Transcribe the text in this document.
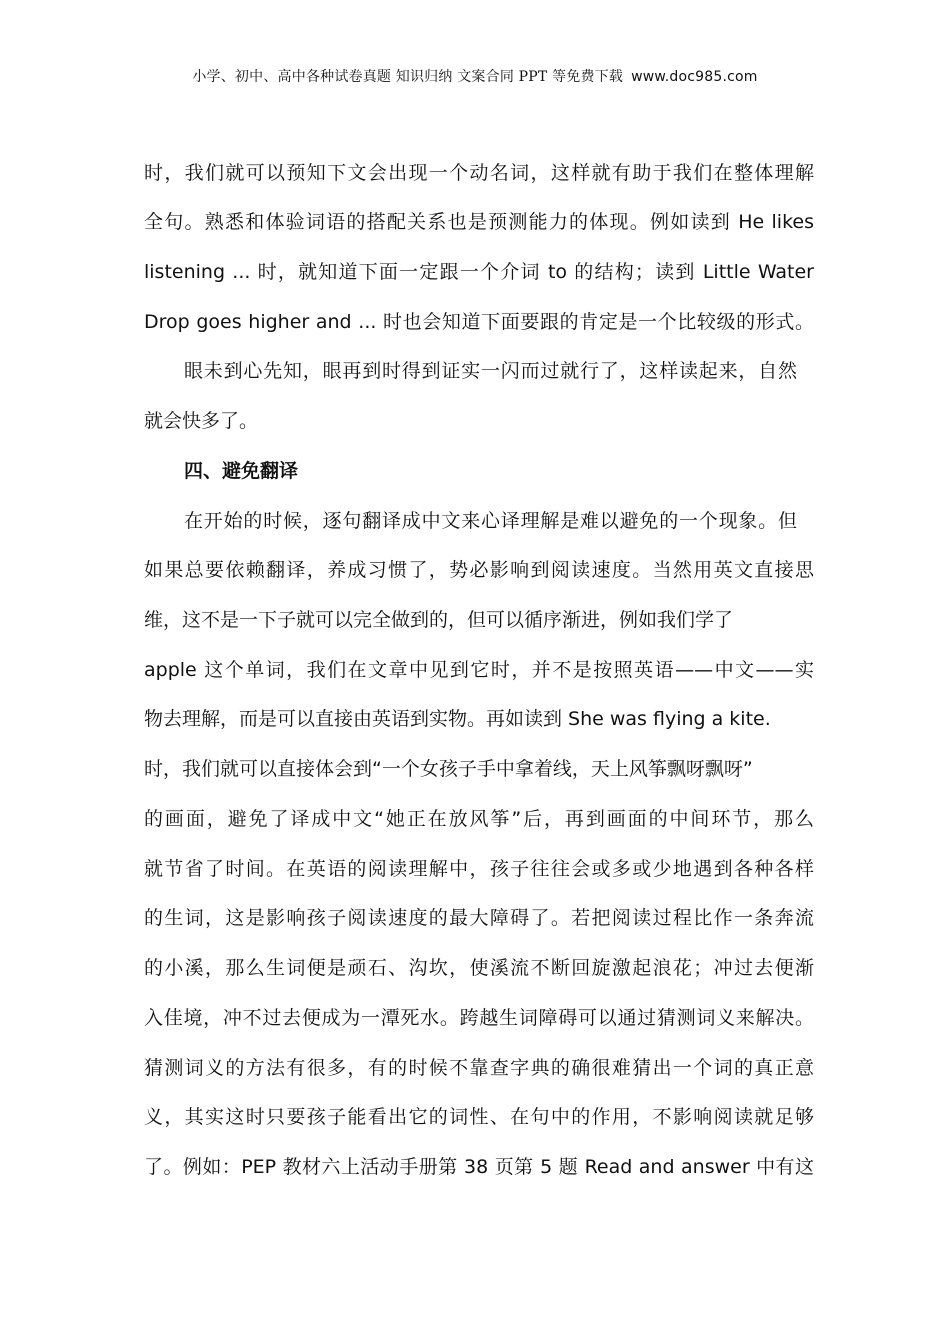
小学、初中、高中各种试卷真题 知识归纳 文案合同 PPT 等免费下载 www.doc985.com
时，我们就可以预知下文会出现一个动名词，这样就有助于我们在整体理解
全句。熟悉和体验词语的搭配关系也是预测能力的体现。例如读到 He likes
listening ... 时，就知道下面一定跟一个介词 to 的结构；读到 Little Water
Drop goes higher and ... 时也会知道下面要跟的肯定是一个比较级的形式。
眼未到心先知，眼再到时得到证实一闪而过就行了，这样读起来，自然
就会快多了。
四、避免翻译
在开始的时候，逐句翻译成中文来心译理解是难以避免的一个现象。但
如果总要依赖翻译，养成习惯了，势必影响到阅读速度。当然用英文直接思
维，这不是一下子就可以完全做到的，但可以循序渐进，例如我们学了
apple 这个单词，我们在文章中见到它时，并不是按照英语——中文——实
物去理解，而是可以直接由英语到实物。再如读到 She was flying a kite.
时，我们就可以直接体会到“一个女孩子手中拿着线，天上风筝飘呀飘呀”
的画面，避免了译成中文“她正在放风筝”后，再到画面的中间环节，那么
就节省了时间。在英语的阅读理解中，孩子往往会或多或少地遇到各种各样
的生词，这是影响孩子阅读速度的最大障碍了。若把阅读过程比作一条奔流
的小溪，那么生词便是顽石、沟坎，使溪流不断回旋激起浪花；冲过去便渐
入佳境，冲不过去便成为一潭死水。跨越生词障碍可以通过猜测词义来解决。
猜测词义的方法有很多，有的时候不靠查字典的确很难猜出一个词的真正意
义，其实这时只要孩子能看出它的词性、在句中的作用，不影响阅读就足够
了。例如：PEP 教材六上活动手册第 38 页第 5 题 Read and answer 中有这
